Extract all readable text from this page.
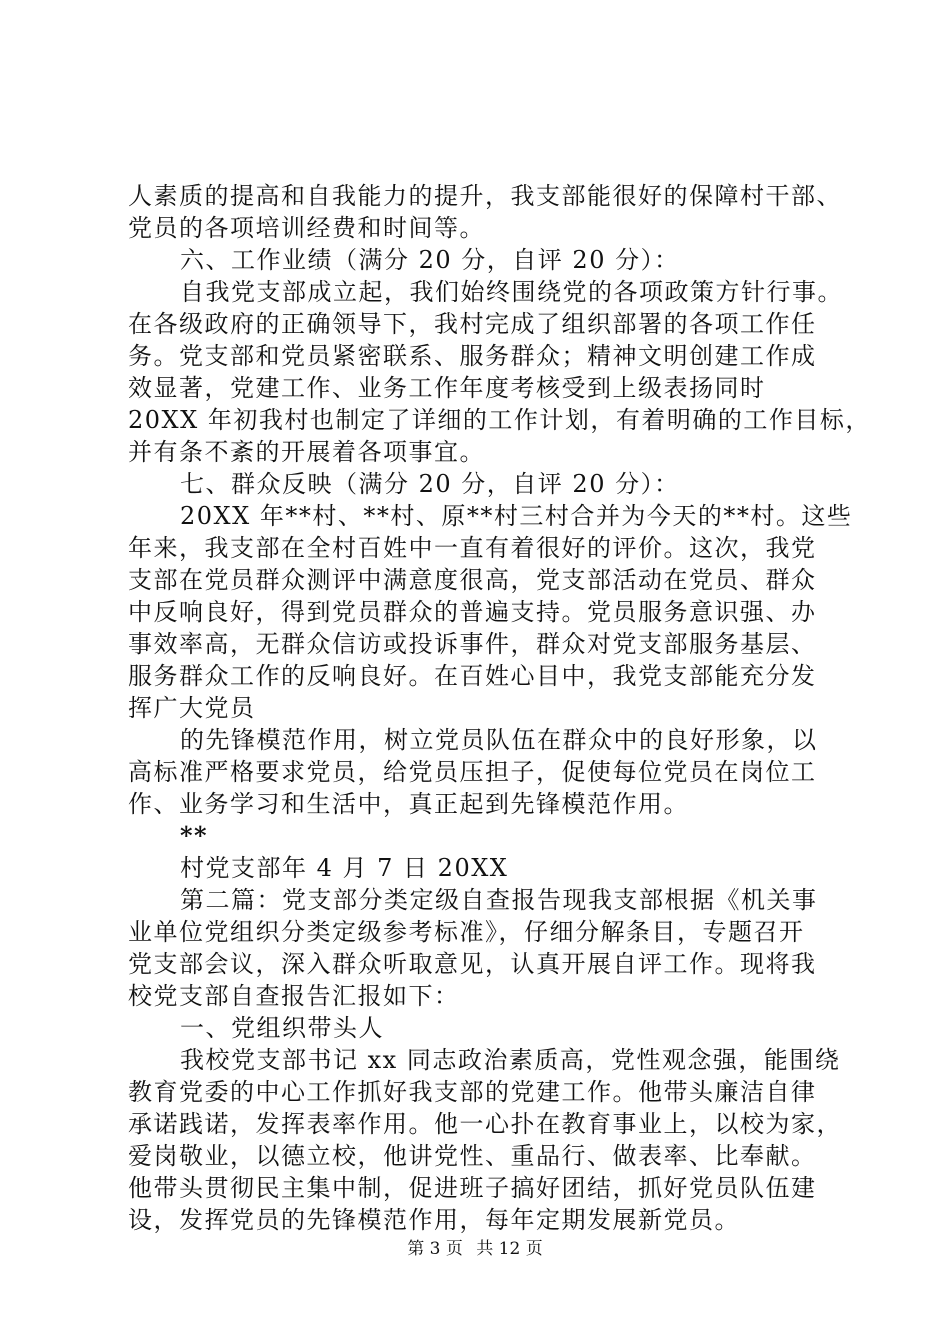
人素质的提高和自我能力的提升，我支部能很好的保障村干部、
党员的各项培训经费和时间等。
六、工作业绩（满分 20 分，自评 20 分）：
自我党支部成立起，我们始终围绕党的各项政策方针行事。
在各级政府的正确领导下，我村完成了组织部署的各项工作任
务。党支部和党员紧密联系、服务群众；精神文明创建工作成
效显著，党建工作、业务工作年度考核受到上级表扬同时
20XX 年初我村也制定了详细的工作计划，有着明确的工作目标，
并有条不紊的开展着各项事宜。
七、群众反映（满分 20 分，自评 20 分）：
20XX 年**村、**村、原**村三村合并为今天的**村。这些
年来，我支部在全村百姓中一直有着很好的评价。这次，我党
支部在党员群众测评中满意度很高，党支部活动在党员、群众
中反响良好，得到党员群众的普遍支持。党员服务意识强、办
事效率高，无群众信访或投诉事件，群众对党支部服务基层、
服务群众工作的反响良好。在百姓心目中，我党支部能充分发
挥广大党员
的先锋模范作用，树立党员队伍在群众中的良好形象，以
高标准严格要求党员，给党员压担子，促使每位党员在岗位工
作、业务学习和生活中，真正起到先锋模范作用。
**
村党支部年 4 月 7 日 20XX
第二篇：党支部分类定级自查报告现我支部根据《机关事
业单位党组织分类定级参考标准》，仔细分解条目，专题召开
党支部会议，深入群众听取意见，认真开展自评工作。现将我
校党支部自查报告汇报如下：
一、党组织带头人
我校党支部书记 xx 同志政治素质高，党性观念强，能围绕
教育党委的中心工作抓好我支部的党建工作。他带头廉洁自律
承诺践诺，发挥表率作用。他一心扑在教育事业上，以校为家，
爱岗敬业，以德立校，他讲党性、重品行、做表率、比奉献。
他带头贯彻民主集中制，促进班子搞好团结，抓好党员队伍建
设，发挥党员的先锋模范作用，每年定期发展新党员。
第 3 页 共 12 页
